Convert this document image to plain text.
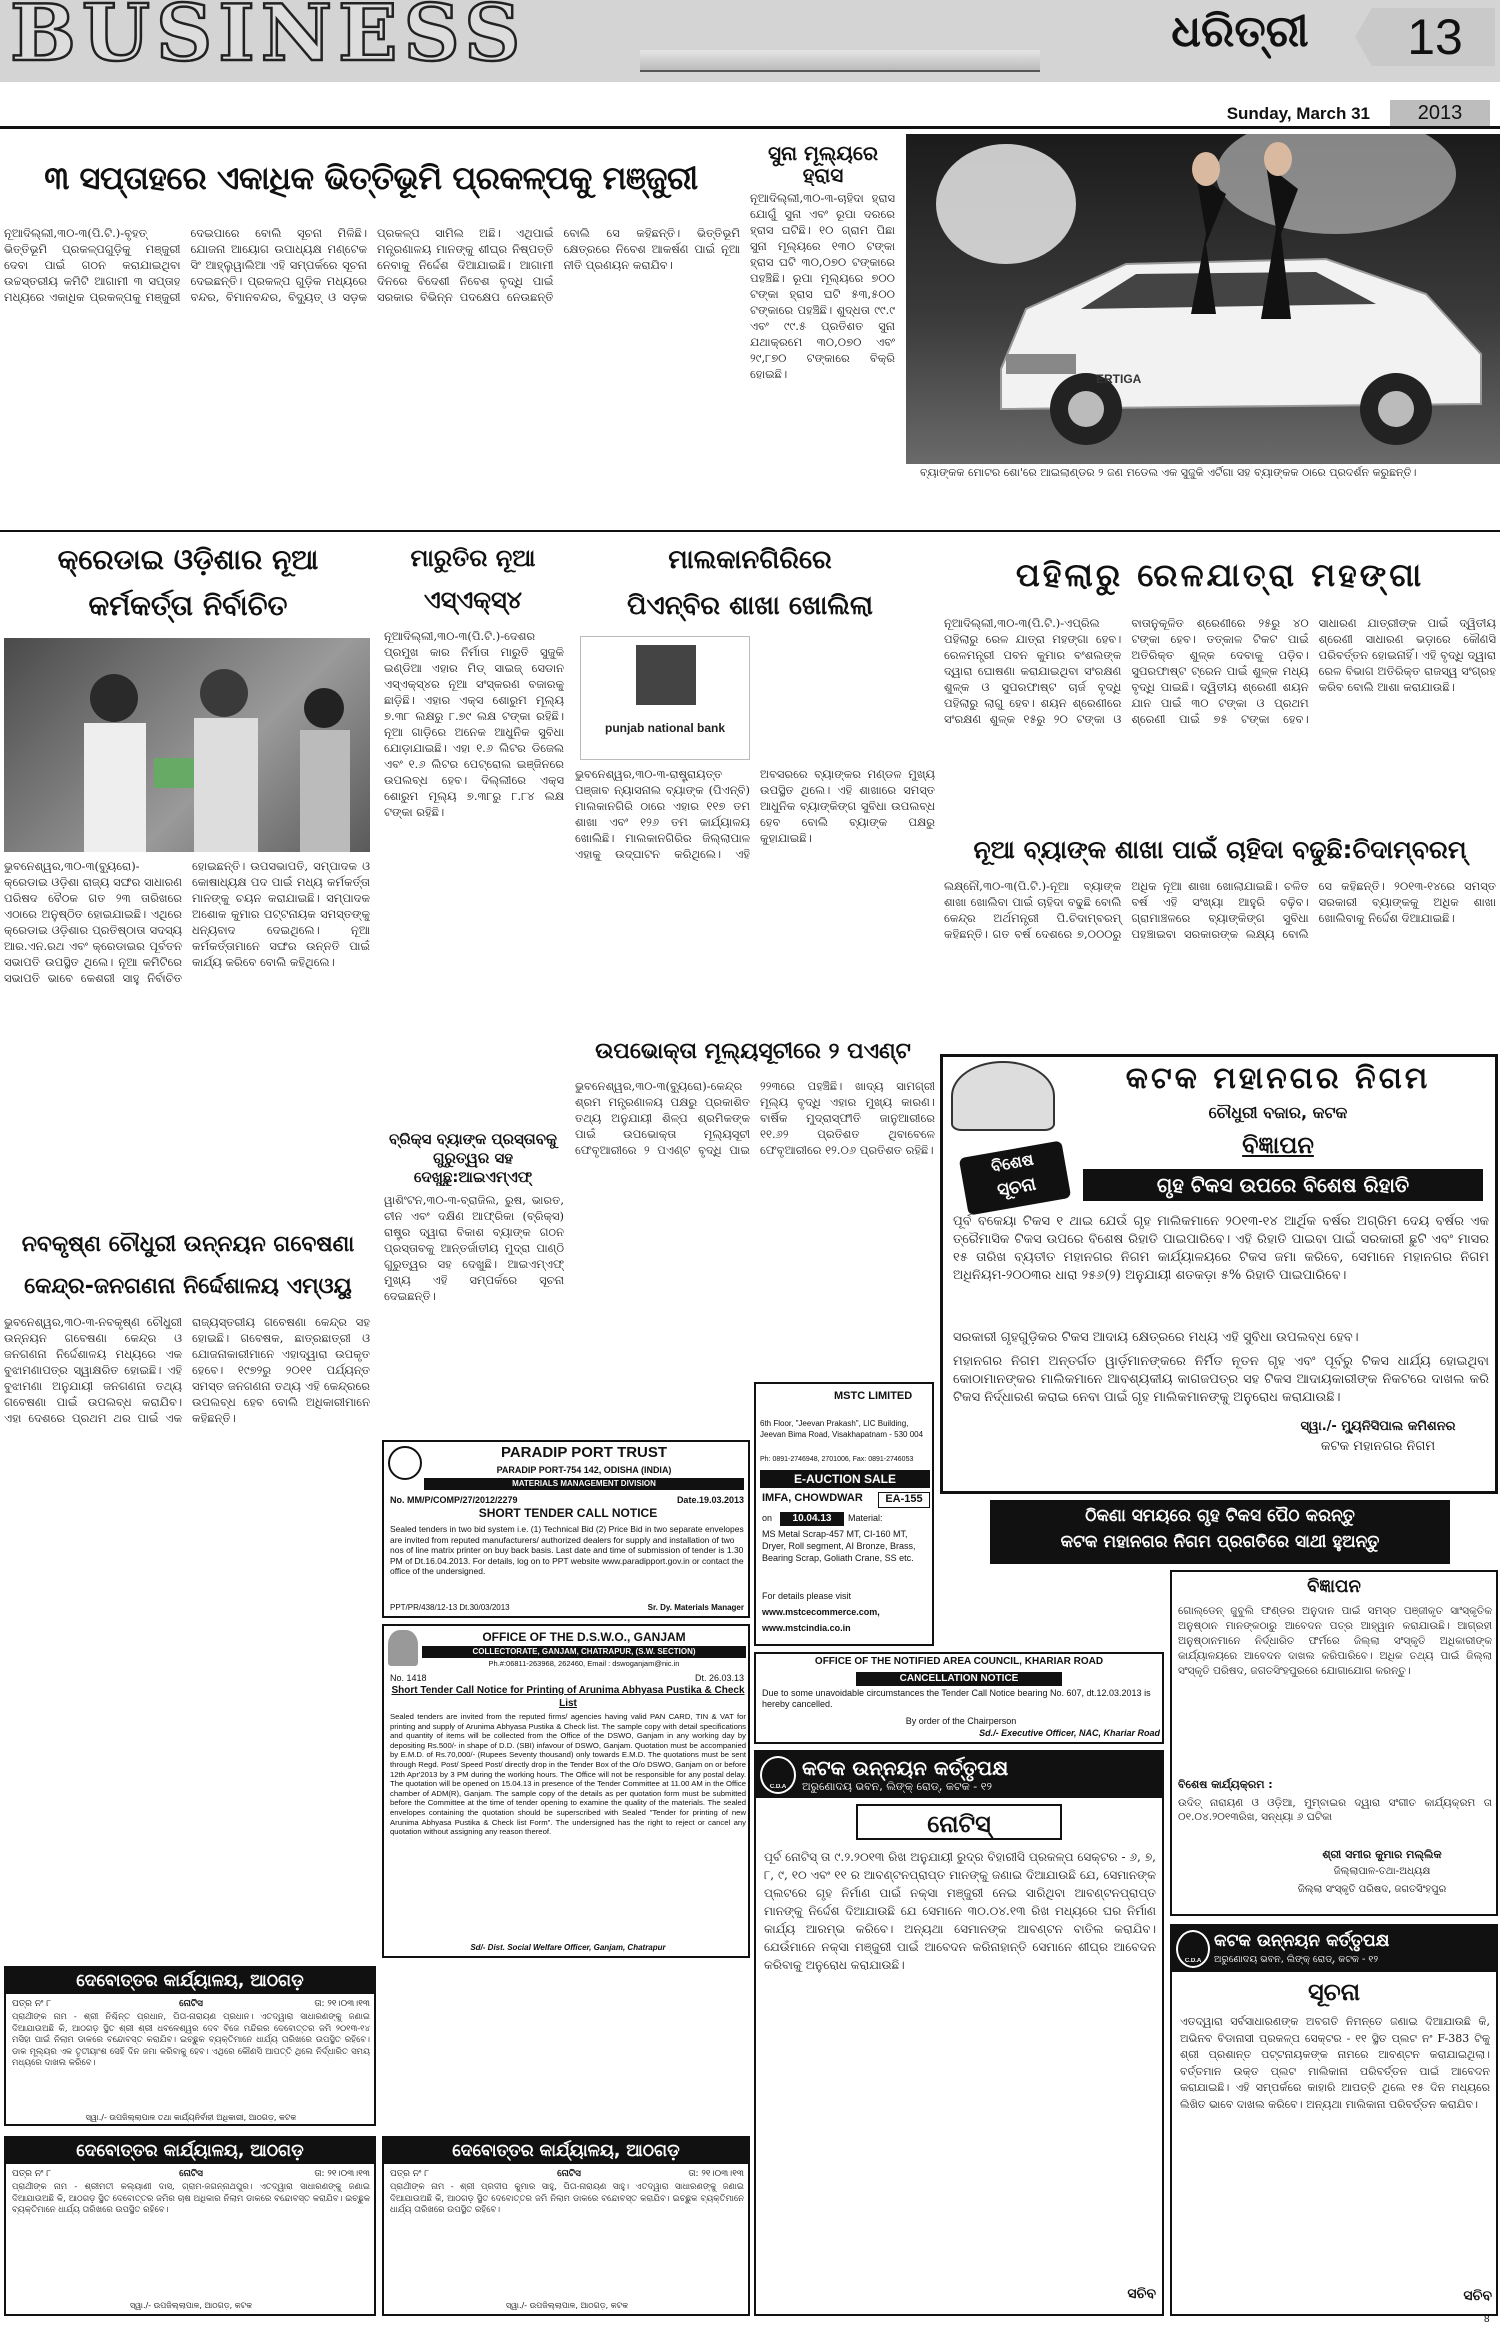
BUSINESS	ଧରିତ୍ରୀ	13
Sunday, March 31	2013
୩ ସପ୍ତାହରେ ଏକାଧିକ ଭିତ୍ତିଭୂମି ପ୍ରକଳ୍ପକୁ ମଞ୍ଜୁରୀ
ନୂଆଦିଲ୍ଲୀ,୩୦-୩(ପି.ଟି.)-ବୃହତ୍ ଭିତ୍ତିଭୂମି ପ୍ରକଳ୍ପଗୁଡ଼ିକୁ ମଞ୍ଜୁରୀ ଦେବା ପାଇଁ ଗଠନ କରାଯାଇଥିବା ଉଚ୍ଚସ୍ତରୀୟ କମିଟି ଆଗାମୀ ୩ ସପ୍ତାହ ମଧ୍ୟରେ ଏକାଧିକ ପ୍ରକଳ୍ପକୁ ମଞ୍ଜୁରୀ ଦେଇପାରେ ବୋଲି ସୂଚନା ମିଳିଛି। ଯୋଜନା ଆୟୋଗ ଉପାଧ୍ୟକ୍ଷ ମଣ୍ଟେକ ସିଂ ଆହ୍ଲୁୱାଲିଆ ଏହି ସମ୍ପର୍କରେ ସୂଚନା ଦେଇଛନ୍ତି। ପ୍ରକଳ୍ପ ଗୁଡ଼ିକ ମଧ୍ୟରେ ବନ୍ଦର, ବିମାନବନ୍ଦର, ବିଦ୍ୟୁତ୍ ଓ ସଡ଼କ ପ୍ରକଳ୍ପ ସାମିଲ ଅଛି। ଏଥିପାଇଁ ମନ୍ତ୍ରଣାଳୟ ମାନଙ୍କୁ ଶୀଘ୍ର ନିଷ୍ପତ୍ତି ନେବାକୁ ନିର୍ଦ୍ଦେଶ ଦିଆଯାଇଛି। ଆଗାମୀ ଦିନରେ ବିଦେଶୀ ନିବେଶ ବୃଦ୍ଧି ପାଇଁ ସରକାର ବିଭିନ୍ନ ପଦକ୍ଷେପ ନେଉଛନ୍ତି ବୋଲି ସେ କହିଛନ୍ତି। ଭିତ୍ତିଭୂମି କ୍ଷେତ୍ରରେ ନିବେଶ ଆକର୍ଷଣ ପାଇଁ ନୂଆ ନୀତି ପ୍ରଣୟନ କରାଯିବ।
ସୁନା ମୂଲ୍ୟରେ ହ୍ରାସ
ନୂଆଦିଲ୍ଲୀ,୩୦-୩-ଚାହିଦା ହ୍ରାସ ଯୋଗୁଁ ସୁନା ଏବଂ ରୂପା ଦରରେ ହ୍ରାସ ଘଟିଛି। ୧୦ ଗ୍ରାମ ପିଛା ସୁନା ମୂଲ୍ୟରେ ୧୩୦ ଟଙ୍କା ହ୍ରାସ ଘଟି ୩୦,୦୭୦ ଟଙ୍କାରେ ପହଞ୍ଚିଛି। ରୂପା ମୂଲ୍ୟରେ ୭୦୦ ଟଙ୍କା ହ୍ରାସ ଘଟି ୫୩,୫୦୦ ଟଙ୍କାରେ ପହଞ୍ଚିଛି। ଶୁଦ୍ଧତା ୯୯.୯ ଏବଂ ୯୯.୫ ପ୍ରତିଶତ ସୁନା ଯଥାକ୍ରମେ ୩୦,୦୭୦ ଏବଂ ୨୯,୮୭୦ ଟଙ୍କାରେ ବିକ୍ରି ହୋଇଛି।	ERTIGA
ବ୍ୟାଙ୍କକ ମୋଟର ଶୋ'ରେ ଆଇଲାଣ୍ଡର ୨ ଜଣ ମଡେଲ ଏକ ସୁଜୁକି ଏର୍ଟିଗା ସହ ବ୍ୟାଙ୍କକ ଠାରେ ପ୍ରଦର୍ଶନ କରୁଛନ୍ତି।
କ୍ରେଡାଇ ଓଡ଼ିଶାର ନୂଆ
କର୍ମକର୍ତ୍ତା ନିର୍ବାଚିତ
ଭୁବନେଶ୍ୱର,୩୦-୩(ବ୍ୟୁରୋ)-କ୍ରେଡାଇ ଓଡ଼ିଶା ରାଜ୍ୟ ସଙ୍ଘର ସାଧାରଣ ପରିଷଦ ବୈଠକ ଗତ ୨୩ ତାରିଖରେ ଏଠାରେ ଅନୁଷ୍ଠିତ ହୋଇଯାଇଛି। ଏଥିରେ କ୍ରେଡାଇ ଓଡ଼ିଶାର ପ୍ରତିଷ୍ଠାତା ସଦସ୍ୟ ଆର.ଏନ.ରଥ ଏବଂ କ୍ରେଡାଇର ପୂର୍ବତନ ସଭାପତି ଉପସ୍ଥିତ ଥିଲେ। ନୂଆ କମିଟିରେ ସଭାପତି ଭାବେ କେଶରୀ ସାହୁ ନିର୍ବାଚିତ ହୋଇଛନ୍ତି। ଉପସଭାପତି, ସମ୍ପାଦକ ଓ କୋଷାଧ୍ୟକ୍ଷ ପଦ ପାଇଁ ମଧ୍ୟ କର୍ମକର୍ତ୍ତା ମାନଙ୍କୁ ଚୟନ କରାଯାଇଛି। ସମ୍ପାଦକ ଅଶୋକ କୁମାର ପଟ୍ଟନାୟକ ସମସ୍ତଙ୍କୁ ଧନ୍ୟବାଦ ଦେଇଥିଲେ। ନୂଆ କର୍ମକର୍ତ୍ତାମାନେ ସଙ୍ଘର ଉନ୍ନତି ପାଇଁ କାର୍ଯ୍ୟ କରିବେ ବୋଲି କହିଥିଲେ।
ମାରୁତିର ନୂଆ
ଏସ୍‌ଏକ୍ସ୍‌୪
ନୂଆଦିଲ୍ଲୀ,୩୦-୩(ପି.ଟି.)-ଦେଶର ପ୍ରମୁଖ କାର ନିର୍ମାତା ମାରୁତି ସୁଜୁକି ଇଣ୍ଡିଆ ଏହାର ମିଡ୍ ସାଇଜ୍ ସେଡାନ ଏସ୍‌ଏକ୍ସ୍‌୪ର ନୂଆ ସଂସ୍କରଣ ବଜାରକୁ ଛାଡ଼ିଛି। ଏହାର ଏକ୍ସ ଶୋରୁମ ମୂଲ୍ୟ ୭.୩୮ ଲକ୍ଷରୁ ୮.୭୯ ଲକ୍ଷ ଟଙ୍କା ରହିଛି। ନୂଆ ଗାଡ଼ିରେ ଅନେକ ଆଧୁନିକ ସୁବିଧା ଯୋଡ଼ାଯାଇଛି। ଏହା ୧.୬ ଲିଟର ଡିଜେଲ ଏବଂ ୧.୬ ଲିଟର ପେଟ୍ରୋଲ ଇଞ୍ଜିନରେ ଉପଲବ୍ଧ ହେବ। ଦିଲ୍ଲୀରେ ଏକ୍ସ ଶୋରୁମ ମୂଲ୍ୟ ୭.୩୮ରୁ ୮.୮୪ ଲକ୍ଷ ଟଙ୍କା ରହିଛି।
ମାଲକାନଗିରିରେ
ପିଏନ୍‌ବିର ଶାଖା ଖୋଲିଲା
punjab national bank
ଭୁବନେଶ୍ୱର,୩୦-୩-ରାଷ୍ଟ୍ରାୟତ୍ତ ପଞ୍ଜାବ ନ୍ୟାସନାଲ ବ୍ୟାଙ୍କ (ପିଏନ୍‌ବି) ମାଲକାନଗିରି ଠାରେ ଏହାର ୧୧୭ ତମ ଶାଖା ଏବଂ ୧୨୬ ତମ କାର୍ଯ୍ୟାଳୟ ଖୋଲିଛି। ମାଲକାନଗିରିର ଜିଲ୍ଲାପାଳ ଏହାକୁ ଉଦ୍‌ଘାଟନ କରିଥିଲେ। ଏହି ଅବସରରେ ବ୍ୟାଙ୍କର ମଣ୍ଡଳ ମୁଖ୍ୟ ଉପସ୍ଥିତ ଥିଲେ। ଏହି ଶାଖାରେ ସମସ୍ତ ଆଧୁନିକ ବ୍ୟାଙ୍କିଙ୍ଗ ସୁବିଧା ଉପଲବ୍ଧ ହେବ ବୋଲି ବ୍ୟାଙ୍କ ପକ୍ଷରୁ କୁହାଯାଇଛି।
ପହିଲାରୁ ରେଳଯାତ୍ରା ମହଙ୍ଗା
ନୂଆଦିଲ୍ଲୀ,୩୦-୩(ପି.ଟି.)-ଏପ୍ରିଲ ପହିଲାରୁ ରେଳ ଯାତ୍ରା ମହଙ୍ଗା ହେବ। ରେଳମନ୍ତ୍ରୀ ପବନ କୁମାର ବଂଶଲଙ୍କ ଦ୍ୱାରା ଘୋଷଣା କରାଯାଇଥିବା ସଂରକ୍ଷଣ ଶୁଳ୍କ ଓ ସୁପରଫାଷ୍ଟ ଚାର୍ଜ ବୃଦ୍ଧି ପହିଲାରୁ ଲାଗୁ ହେବ। ଶୟନ ଶ୍ରେଣୀରେ ସଂରକ୍ଷଣ ଶୁଳ୍କ ୧୫ରୁ ୨୦ ଟଙ୍କା ଓ ବାତାନୁକୂଳିତ ଶ୍ରେଣୀରେ ୨୫ରୁ ୪୦ ଟଙ୍କା ହେବ। ତତ୍କାଳ ଟିକଟ ପାଇଁ ଅତିରିକ୍ତ ଶୁଳ୍କ ଦେବାକୁ ପଡ଼ିବ। ସୁପରଫାଷ୍ଟ ଟ୍ରେନ ପାଇଁ ଶୁଳ୍କ ମଧ୍ୟ ବୃଦ୍ଧି ପାଇଛି। ଦ୍ୱିତୀୟ ଶ୍ରେଣୀ ଶୟନ ଯାନ ପାଇଁ ୩୦ ଟଙ୍କା ଓ ପ୍ରଥମ ଶ୍ରେଣୀ ପାଇଁ ୭୫ ଟଙ୍କା ହେବ। ସାଧାରଣ ଯାତ୍ରୀଙ୍କ ପାଇଁ ଦ୍ୱିତୀୟ ଶ୍ରେଣୀ ସାଧାରଣ ଭଡ଼ାରେ କୌଣସି ପରିବର୍ତ୍ତନ ହୋଇନାହିଁ। ଏହି ବୃଦ୍ଧି ଦ୍ୱାରା ରେଳ ବିଭାଗ ଅତିରିକ୍ତ ରାଜସ୍ୱ ସଂଗ୍ରହ କରିବ ବୋଲି ଆଶା କରାଯାଉଛି।
ନୂଆ ବ୍ୟାଙ୍କ ଶାଖା ପାଇଁ ଚାହିଦା ବଢୁଛି:ଚିଦାମ୍ବରମ୍
ଲକ୍ଷ୍ନୌ,୩୦-୩(ପି.ଟି.)-ନୂଆ ବ୍ୟାଙ୍କ ଶାଖା ଖୋଲିବା ପାଇଁ ଚାହିଦା ବଢୁଛି ବୋଲି କେନ୍ଦ୍ର ଅର୍ଥମନ୍ତ୍ରୀ ପି.ଚିଦାମ୍ବରମ୍ କହିଛନ୍ତି। ଗତ ବର୍ଷ ଦେଶରେ ୭,୦୦୦ରୁ ଅଧିକ ନୂଆ ଶାଖା ଖୋଲାଯାଇଛି। ଚଳିତ ବର୍ଷ ଏହି ସଂଖ୍ୟା ଆହୁରି ବଢ଼ିବ। ଗ୍ରାମାଞ୍ଚଳରେ ବ୍ୟାଙ୍କିଙ୍ଗ ସୁବିଧା ପହଞ୍ଚାଇବା ସରକାରଙ୍କ ଲକ୍ଷ୍ୟ ବୋଲି ସେ କହିଛନ୍ତି। ୨୦୧୩-୧୪ରେ ସମସ୍ତ ସରକାରୀ ବ୍ୟାଙ୍କକୁ ଅଧିକ ଶାଖା ଖୋଲିବାକୁ ନିର୍ଦ୍ଦେଶ ଦିଆଯାଇଛି।
ଉପଭୋକ୍ତା ମୂଲ୍ୟସୂଚୀରେ ୨ ପଏଣ୍ଟ
ଭୁବନେଶ୍ୱର,୩୦-୩(ବ୍ୟୁରୋ)-କେନ୍ଦ୍ର ଶ୍ରମ ମନ୍ତ୍ରଣାଳୟ ପକ୍ଷରୁ ପ୍ରକାଶିତ ତଥ୍ୟ ଅନୁଯାୟୀ ଶିଳ୍ପ ଶ୍ରମିକଙ୍କ ପାଇଁ ଉପଭୋକ୍ତା ମୂଲ୍ୟସୂଚୀ ଫେବୃଆରୀରେ ୨ ପଏଣ୍ଟ ବୃଦ୍ଧି ପାଇ ୨୨୩ରେ ପହଞ୍ଚିଛି। ଖାଦ୍ୟ ସାମଗ୍ରୀ ମୂଲ୍ୟ ବୃଦ୍ଧି ଏହାର ମୁଖ୍ୟ କାରଣ। ବାର୍ଷିକ ମୁଦ୍ରାସ୍ଫୀତି ଜାନୁଆରୀରେ ୧୧.୬୨ ପ୍ରତିଶତ ଥିବାବେଳେ ଫେବୃଆରୀରେ ୧୨.୦୬ ପ୍ରତିଶତ ରହିଛି।
ବ୍ରିକ୍ସ ବ୍ୟାଙ୍କ ପ୍ରସ୍ତାବକୁ ଗୁରୁତ୍ୱର ସହ ଦେଖୁଛୁ:ଆଇଏମ୍‌ଏଫ୍
ୱାଶିଂଟନ,୩୦-୩-ବ୍ରାଜିଲ, ରୁଷ, ଭାରତ, ଚୀନ ଏବଂ ଦକ୍ଷିଣ ଆଫ୍ରିକା (ବ୍ରିକ୍ସ) ରାଷ୍ଟ୍ର ଦ୍ୱାରା ବିକାଶ ବ୍ୟାଙ୍କ ଗଠନ ପ୍ରସ୍ତାବକୁ ଆନ୍ତର୍ଜାତୀୟ ମୁଦ୍ରା ପାଣ୍ଠି ଗୁରୁତ୍ୱର ସହ ଦେଖୁଛି। ଆଇଏମ୍‌ଏଫ୍ ମୁଖ୍ୟ ଏହି ସମ୍ପର୍କରେ ସୂଚନା ଦେଇଛନ୍ତି।
ନବକୃଷ୍ଣ ଚୌଧୁରୀ ଉନ୍ନୟନ ଗବେଷଣା
କେନ୍ଦ୍ର-ଜନଗଣନା ନିର୍ଦ୍ଦେଶାଳୟ ଏମ୍‌ଓୟୁ
ଭୁବନେଶ୍ୱର,୩୦-୩-ନବକୃଷ୍ଣ ଚୌଧୁରୀ ଉନ୍ନୟନ ଗବେଷଣା କେନ୍ଦ୍ର ଓ ଜନଗଣନା ନିର୍ଦ୍ଦେଶାଳୟ ମଧ୍ୟରେ ଏକ ବୁଝାମଣାପତ୍ର ସ୍ୱାକ୍ଷରିତ ହୋଇଛି। ଏହି ବୁଝାମଣା ଅନୁଯାୟୀ ଜନଗଣନା ତଥ୍ୟ ଗବେଷଣା ପାଇଁ ଉପଲବ୍ଧ କରାଯିବ। ଏହା ଦେଶରେ ପ୍ରଥମ ଥର ପାଇଁ ଏକ ରାଜ୍ୟସ୍ତରୀୟ ଗବେଷଣା କେନ୍ଦ୍ର ସହ ହୋଇଛି। ଗବେଷକ, ଛାତ୍ରଛାତ୍ରୀ ଓ ଯୋଜନାକାରୀମାନେ ଏହାଦ୍ୱାରା ଉପକୃତ ହେବେ। ୧୯୭୨ରୁ ୨୦୧୧ ପର୍ଯ୍ୟନ୍ତ ସମସ୍ତ ଜନଗଣନା ତଥ୍ୟ ଏହି କେନ୍ଦ୍ରରେ ଉପଲବ୍ଧ ହେବ ବୋଲି ଅଧିକାରୀମାନେ କହିଛନ୍ତି।
MSTC LIMITED
6th Floor, "Jeevan Prakash", LIC Building, Jeevan Bima Road, Visakhapatnam - 530 004
Ph: 0891-2746948, 2701006, Fax: 0891-2746053
E-AUCTION SALE
IMFA, CHOWDWAR	EA-155
on	10.04.13	Material:
MS Metal Scrap-457 MT, CI-160 MT, Dryer, Roll segment, AI Bronze, Brass, Bearing Scrap, Goliath Crane, SS etc.
For details please visit
www.mstcecommerce.com,
www.mstcindia.co.in
କଟକ ମହାନଗର ନିଗମ
ଚୌଧୁରୀ ବଜାର, କଟକ
ବିଜ୍ଞାପନ
ବିଶେଷ
ସୂଚନା	ଗୃହ ଟିକସ ଉପରେ ବିଶେଷ ରିହାତି
ପୂର୍ବ ବକେୟା ଟିକସ ୧ ଥାଇ ଯେଉଁ ଗୃହ ମାଲିକମାନେ ୨୦୧୩-୧୪ ଆର୍ଥିକ ବର୍ଷର ଅଗ୍ରିମ ଦେୟ ବର୍ଷର ଏକ ତ୍ରୈମାସିକ ଟିକସ ଉପରେ ବିଶେଷ ରିହାତି ପାଇପାରିବେ। ଏହି ରିହାତି ପାଇବା ପାଇଁ ସରକାରୀ ଛୁଟି ଏବଂ ମାସର ୧୫ ତାରିଖ ବ୍ୟତୀତ ମହାନଗର ନିଗମ କାର୍ଯ୍ୟାଳୟରେ ଟିକସ ଜମା କରିବେ, ସେମାନେ ମହାନଗର ନିଗମ ଅଧିନିୟମ-୨୦୦୩ର ଧାରା ୨୫୬(୨) ଅନୁଯାୟୀ ଶତକଡ଼ା ୫% ରିହାତି ପାଇପାରିବେ।
ସରକାରୀ ଗୃହଗୁଡ଼ିକର ଟିକସ ଆଦାୟ କ୍ଷେତ୍ରରେ ମଧ୍ୟ ଏହି ସୁବିଧା ଉପଲବ୍ଧ ହେବ।
ମହାନଗର ନିଗମ ଅନ୍ତର୍ଗତ ୱାର୍ଡ଼ମାନଙ୍କରେ ନିର୍ମିତ ନୂତନ ଗୃହ ଏବଂ ପୂର୍ବରୁ ଟିକସ ଧାର୍ଯ୍ୟ ହୋଇଥିବା କୋଠାମାନଙ୍କର ମାଲିକମାନେ ଆବଶ୍ୟକୀୟ କାଗଜପତ୍ର ସହ ଟିକସ ଆଦାୟକାରୀଙ୍କ ନିକଟରେ ଦାଖଲ କରି ଟିକସ ନିର୍ଦ୍ଧାରଣ କରାଇ ନେବା ପାଇଁ ଗୃହ ମାଲିକମାନଙ୍କୁ ଅନୁରୋଧ କରାଯାଉଛି।
ସ୍ୱା./- ମ୍ୟୁନିସିପାଲ କମିଶନର
କଟକ ମହାନଗର ନିଗମ
ଠିକଣା ସମୟରେ ଗୃହ ଟିକସ ପୈଠ କରନ୍ତୁ
କଟକ ମହାନଗର ନିଗମ ପ୍ରଗତିରେ ସାଥୀ ହୁଅନ୍ତୁ
PARADIP PORT TRUST
PARADIP PORT-754 142, ODISHA (INDIA)
MATERIALS MANAGEMENT DIVISION
No. MM/P/COMP/27/2012/2279	Date.19.03.2013
SHORT TENDER CALL NOTICE
Sealed tenders in two bid system i.e. (1) Technical Bid (2) Price Bid in two separate envelopes are invited from reputed manufacturers/ authorized dealers for supply and installation of two nos of line matrix printer on buy back basis. Last date and time of submission of tender is 1.30 PM of Dt.16.04.2013. For details, log on to PPT website www.paradipport.gov.in or contact the office of the undersigned.
PPT/PR/438/12-13 Dt.30/03/2013	Sr. Dy. Materials Manager
OFFICE OF THE D.S.W.O., GANJAM
COLLECTORATE, GANJAM, CHATRAPUR, (S.W. SECTION)
Ph.#:06811-263968, 262460, Email : dswoganjam@nic.in
No. 1418	Dt. 26.03.13
Short Tender Call Notice for Printing of Arunima Abhyasa Pustika & Check List
Sealed tenders are invited from the reputed firms/ agencies having valid PAN CARD, TIN & VAT for printing and supply of Arunima Abhyasa Pustika & Check list. The sample copy with detail specifications and quantity of items will be collected from the Office of the DSWO, Ganjam in any working day by depositing Rs.500/- in shape of D.D. (SBI) infavour of DSWO, Ganjam. Quotation must be accompanied by E.M.D. of Rs.70,000/- (Rupees Seventy thousand) only towards E.M.D. The quotations must be sent through Regd. Post/ Speed Post/ directly drop in the Tender Box of the O/o DSWO, Ganjam on or before 12th Apr'2013 by 3 PM during the working hours. The Office will not be responsible for any postal delay. The quotation will be opened on 15.04.13 in presence of the Tender Committee at 11.00 AM in the Office chamber of ADM(R), Ganjam. The sample copy of the details as per quotation form must be submitted before the Committee at the time of tender opening to examine the quality of the materials. The sealed envelopes containing the quotation should be superscribed with Sealed "Tender for printing of new Arunima Abhyasa Pustika & Check list Form". The undersigned has the right to reject or cancel any quotation without assigning any reason thereof.
Sd/- Dist. Social Welfare Officer, Ganjam, Chatrapur
OFFICE OF THE NOTIFIED AREA COUNCIL, KHARIAR ROAD
CANCELLATION NOTICE
Due to some unavoidable circumstances the Tender Call Notice bearing No. 607, dt.12.03.2013 is hereby cancelled.
By order of the Chairperson
Sd./- Executive Officer, NAC, Khariar Road
C.D.A
କଟକ ଉନ୍ନୟନ କର୍ତ୍ତୃପକ୍ଷ
ଅରୁଣୋଦୟ ଭବନ, ଲିଙ୍କ୍ ରୋଡ୍, କଟକ - ୧୨
ନୋଟିସ୍
ପୂର୍ବ ନୋଟିସ୍ ତା ୯.୨.୨୦୧୩ ରିଖ ଅନୁଯାୟୀ ରୁଦ୍ର ବିହାରୀସି ପ୍ରକଳ୍ପ ସେକ୍ଟର - ୬, ୭, ୮, ୯, ୧୦ ଏବଂ ୧୧ ର ଆବଣ୍ଟନପ୍ରାପ୍ତ ମାନଙ୍କୁ ଜଣାଇ ଦିଆଯାଉଛି ଯେ, ସେମାନଙ୍କ ପ୍ଲଟରେ ଗୃହ ନିର୍ମାଣ ପାଇଁ ନକ୍ସା ମଞ୍ଜୁରୀ ନେଇ ସାରିଥିବା ଆବଣ୍ଟନପ୍ରାପ୍ତ ମାନଙ୍କୁ ନିର୍ଦ୍ଦେଶ ଦିଆଯାଉଛି ଯେ ସେମାନେ ୩୦.୦୪.୧୩ ରିଖ ମଧ୍ୟରେ ଘର ନିର୍ମାଣ କାର୍ଯ୍ୟ ଆରମ୍ଭ କରିବେ। ଅନ୍ୟଥା ସେମାନଙ୍କ ଆବଣ୍ଟନ ବାତିଲ କରାଯିବ। ଯେଉଁମାନେ ନକ୍ସା ମଞ୍ଜୁରୀ ପାଇଁ ଆବେଦନ କରିନାହାନ୍ତି ସେମାନେ ଶୀଘ୍ର ଆବେଦନ କରିବାକୁ ଅନୁରୋଧ କରାଯାଉଛି।
ସଚିବ
ବିଜ୍ଞାପନ
ଗୋଲ୍‌ଡେନ୍ ଜୁବୁଲି ଫଣ୍ଡର ଅନୁଦାନ ପାଇଁ ସମସ୍ତ ପଞ୍ଜୀକୃତ ସାଂସ୍କୃତିକ ଅନୁଷ୍ଠାନ ମାନଙ୍କଠାରୁ ଆବେଦନ ପତ୍ର ଆହ୍ୱାନ କରାଯାଉଛି। ଆଗ୍ରହୀ ଅନୁଷ୍ଠାନମାନେ ନିର୍ଦ୍ଧାରିତ ଫର୍ମରେ ଜିଲ୍ଲା ସଂସ୍କୃତି ଅଧିକାରୀଙ୍କ କାର୍ଯ୍ୟାଳୟରେ ଆବେଦନ ଦାଖଲ କରିପାରିବେ। ଅଧିକ ତଥ୍ୟ ପାଇଁ ଜିଲ୍ଲା ସଂସ୍କୃତି ପରିଷଦ, ଜଗତସିଂହପୁରରେ ଯୋଗାଯୋଗ କରନ୍ତୁ।
ବିଶେଷ କାର୍ଯ୍ୟକ୍ରମ :
ଉଦିତ୍ ନାରାୟଣ ଓ ଓଡ଼ିଆ, ମୁମ୍ବାଇର ଦ୍ୱାରା ସଂଗୀତ କାର୍ଯ୍ୟକ୍ରମ ତା ୦୧.୦୪.୨୦୧୩ରିଖ, ସନ୍ଧ୍ୟା ୬ ଘଟିକା
ଶ୍ରୀ ସମୀର କୁମାର ମଲ୍ଲିକ
ଜିଲ୍ଲାପାଳ-ତଥା-ଅଧ୍ୟକ୍ଷ
ଜିଲ୍ଲା ସଂସ୍କୃତି ପରିଷଦ, ଜଗତସିଂହପୁର
C.D.A
କଟକ ଉନ୍ନୟନ କର୍ତ୍ତୃପକ୍ଷ
ଅରୁଣୋଦୟ ଭବନ, ଲିଙ୍କ୍ ରୋଡ୍, କଟକ - ୧୨
ସୂଚନା
ଏତଦ୍ୱାରା ସର୍ବସାଧାରଣଙ୍କ ଅବଗତି ନିମନ୍ତେ ଜଣାଇ ଦିଆଯାଉଛି କି, ଅଭିନବ ବିଡାନାସୀ ପ୍ରକଳ୍ପ ସେକ୍ଟର - ୧୧ ସ୍ଥିତ ପ୍ଲଟ ନଂ F-383 ଟିକୁ ଶ୍ରୀ ପ୍ରଶାନ୍ତ ପଟ୍ଟନାୟକଙ୍କ ନାମରେ ଆବଣ୍ଟନ କରାଯାଇଥିଲା। ବର୍ତ୍ତମାନ ଉକ୍ତ ପ୍ଲଟ ମାଲିକାନା ପରିବର୍ତ୍ତନ ପାଇଁ ଆବେଦନ କରାଯାଇଛି। ଏହି ସମ୍ପର୍କରେ କାହାରି ଆପତ୍ତି ଥିଲେ ୧୫ ଦିନ ମଧ୍ୟରେ ଲିଖିତ ଭାବେ ଦାଖଲ କରିବେ। ଅନ୍ୟଥା ମାଲିକାନା ପରିବର୍ତ୍ତନ କରାଯିବ।
ସଚିବ
ଦେବୋତ୍ତର କାର୍ଯ୍ୟାଳୟ, ଆଠଗଡ଼
ପତ୍ର ନଂ ୮	ନୋଟିସ	ତା: ୨୧।୦୩।୧୩
ପ୍ରାର୍ଥୀଙ୍କ ନାମ - ଶ୍ରୀ ନିଶ୍ଚିନ୍ତ ପ୍ରଧାନ, ପିତା-ନାରାୟଣ ପ୍ରଧାନ। ଏତଦ୍ୱାରା ସାଧାରଣଙ୍କୁ ଜଣାଇ ଦିଆଯାଉଅଛି କି, ଆଠଗଡ଼ ସ୍ଥିତ ଶ୍ରୀ ଶ୍ରୀ ଧବଳେଶ୍ୱର ଦେବ ବିଜେ ମନ୍ଦିରର ଦେବୋତ୍ତର ଜମି ୨୦୧୩-୧୪ ମସିହା ପାଇଁ ନିଲାମ ଡାକରେ ବନ୍ଦୋବସ୍ତ କରାଯିବ। ଇଚ୍ଛୁକ ବ୍ୟକ୍ତିମାନେ ଧାର୍ଯ୍ୟ ତାରିଖରେ ଉପସ୍ଥିତ ରହିବେ। ଡାକ ମୂଲ୍ୟର ଏକ ତୃତୀୟାଂଶ ସେହି ଦିନ ଜମା କରିବାକୁ ହେବ। ଏଥିରେ କୌଣସି ଆପତ୍ତି ଥିଲେ ନିର୍ଦ୍ଧାରିତ ସମୟ ମଧ୍ୟରେ ଦାଖଲ କରିବେ।
ସ୍ୱା./- ଉପଜିଲ୍ଲାପାଳ ତଥା କାର୍ଯ୍ୟନିର୍ବାହୀ ଅଧିକାରୀ, ଆଠଗଡ଼, କଟକ
ଦେବୋତ୍ତର କାର୍ଯ୍ୟାଳୟ, ଆଠଗଡ଼
ପତ୍ର ନଂ ୮	ନୋଟିସ	ତା: ୨୧।୦୩।୧୩
ପ୍ରାର୍ଥୀଙ୍କ ନାମ - ଶ୍ରୀମତୀ କଲ୍ୟାଣୀ ଦାସ, ଗ୍ରାମ-ଜଗନ୍ନାଥପୁର। ଏତଦ୍ୱାରା ସାଧାରଣଙ୍କୁ ଜଣାଇ ଦିଆଯାଉଅଛି କି, ଆଠଗଡ଼ ସ୍ଥିତ ଦେବୋତ୍ତର ଜମିର ଚାଷ ଅଧିକାର ନିଲାମ ଡାକରେ ବନ୍ଦୋବସ୍ତ କରାଯିବ। ଇଚ୍ଛୁକ ବ୍ୟକ୍ତିମାନେ ଧାର୍ଯ୍ୟ ତାରିଖରେ ଉପସ୍ଥିତ ରହିବେ।
ସ୍ୱା./- ଉପଜିଲ୍ଲାପାଳ, ଆଠଗଡ଼, କଟକ
ଦେବୋତ୍ତର କାର୍ଯ୍ୟାଳୟ, ଆଠଗଡ଼
ପତ୍ର ନଂ ୮	ନୋଟିସ	ତା: ୨୧।୦୩।୧୩
ପ୍ରାର୍ଥୀଙ୍କ ନାମ - ଶ୍ରୀ ପ୍ରଦୀପ କୁମାର ସାହୁ, ପିତା-ନାରାୟଣ ସାହୁ। ଏତଦ୍ୱାରା ସାଧାରଣଙ୍କୁ ଜଣାଇ ଦିଆଯାଉଅଛି କି, ଆଠଗଡ଼ ସ୍ଥିତ ଦେବୋତ୍ତର ଜମି ନିଲାମ ଡାକରେ ବନ୍ଦୋବସ୍ତ କରାଯିବ। ଇଚ୍ଛୁକ ବ୍ୟକ୍ତିମାନେ ଧାର୍ଯ୍ୟ ତାରିଖରେ ଉପସ୍ଥିତ ରହିବେ।
ସ୍ୱା./- ଉପଜିଲ୍ଲାପାଳ, ଆଠଗଡ଼, କଟକ
8
